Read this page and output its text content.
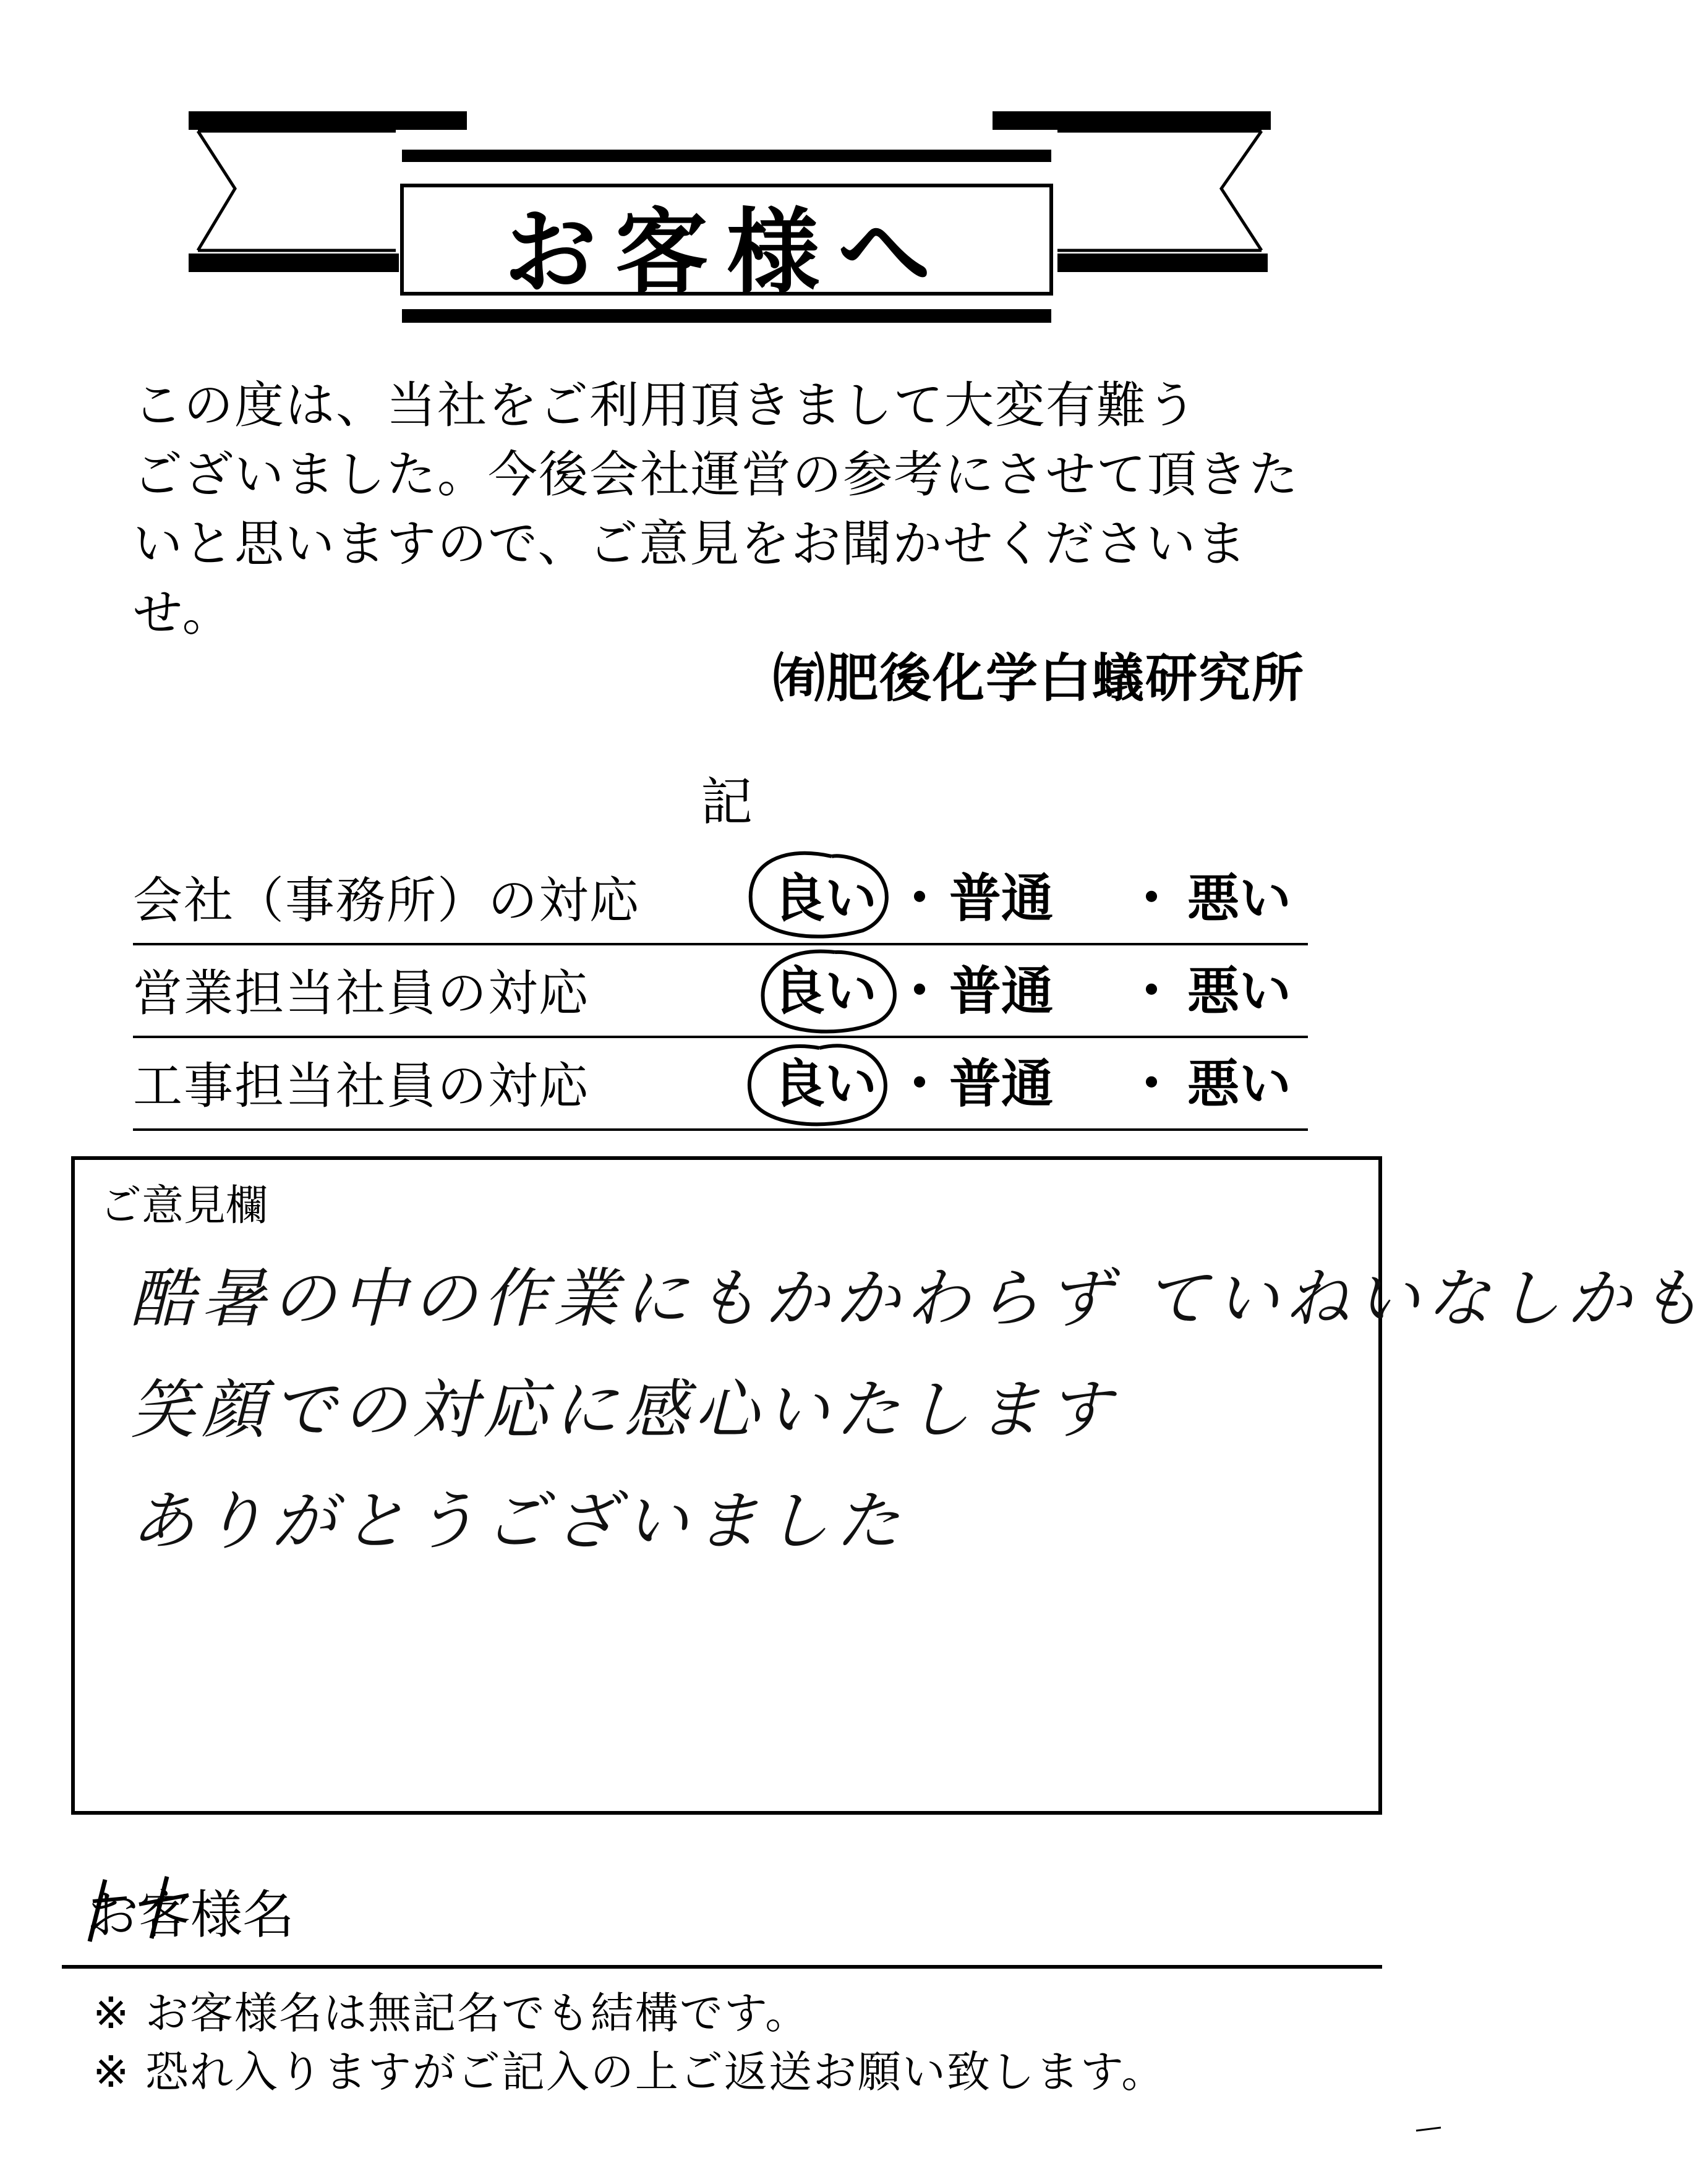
お客様へ
この度は、当社をご利用頂きまして大変有難う
ございました。今後会社運営の参考にさせて頂きた
いと思いますので、ご意見をお聞かせくださいませ。
㈲肥後化学白蟻研究所
記
会社（事務所）の対応	良い ・ 普通 ・ 悪い
営業担当社員の対応	良い ・ 普通 ・ 悪い
工事担当社員の対応	良い ・ 普通 ・ 悪い
ご意見欄
酷暑の中の作業にもかかわらず ていねいなしかも
笑顔での対応に感心いたします
ありがとうございました
お客様名
※ お客様名は無記名でも結構です。
※ 恐れ入りますがご記入の上ご返送お願い致します。
